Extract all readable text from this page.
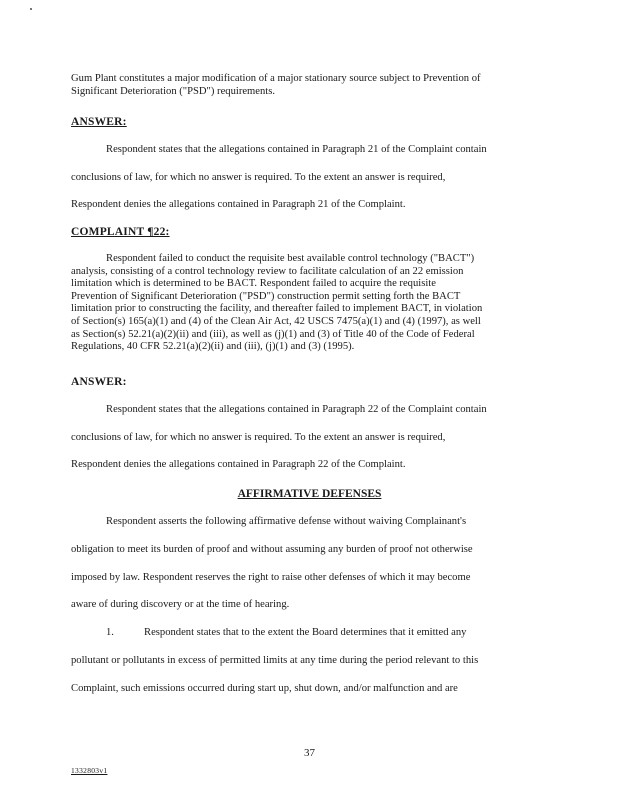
Gum Plant constitutes a major modification of a major stationary source subject to Prevention of

Significant Deterioration ("PSD") requirements.

ANSWER:
Respondent states that the allegations contained in Paragraph 21 of the Complaint contain
conclusions of law, for which no answer is required. To the extent an answer is required,
Respondent denies the allegations contained in Paragraph 21 of the Complaint.
COMPLAINT ¶22:

Respondent failed to conduct the requisite best available control technology ("BACT")

analysis, consisting of a control technology review to facilitate calculation of an 22 emission

limitation which is determined to be BACT. Respondent failed to acquire the requisite

Prevention of Significant Deterioration ("PSD") construction permit setting forth the BACT

limitation prior to constructing the facility, and thereafter failed to implement BACT, in violation

of Section(s) 165(a)(1) and (4) of the Clean Air Act, 42 USCS 7475(a)(1) and (4) (1997), as well

as Section(s) 52.21(a)(2)(ii) and (iii), as well as (j)(1) and (3) of Title 40 of the Code of Federal

Regulations, 40 CFR 52.21(a)(2)(ii) and (iii), (j)(1) and (3) (1995).

ANSWER:
Respondent states that the allegations contained in Paragraph 22 of the Complaint contain
conclusions of law, for which no answer is required. To the extent an answer is required,
Respondent denies the allegations contained in Paragraph 22 of the Complaint.
AFFIRMATIVE DEFENSES
Respondent asserts the following affirmative defense without waiving Complainant's
obligation to meet its burden of proof and without assuming any burden of proof not otherwise
imposed by law. Respondent reserves the right to raise other defenses of which it may become
aware of during discovery or at the time of hearing.
1.	Respondent states that to the extent the Board determines that it emitted any
pollutant or pollutants in excess of permitted limits at any time during the period relevant to this
Complaint, such emissions occurred during start up, shut down, and/or malfunction and are
37
1332803v1
